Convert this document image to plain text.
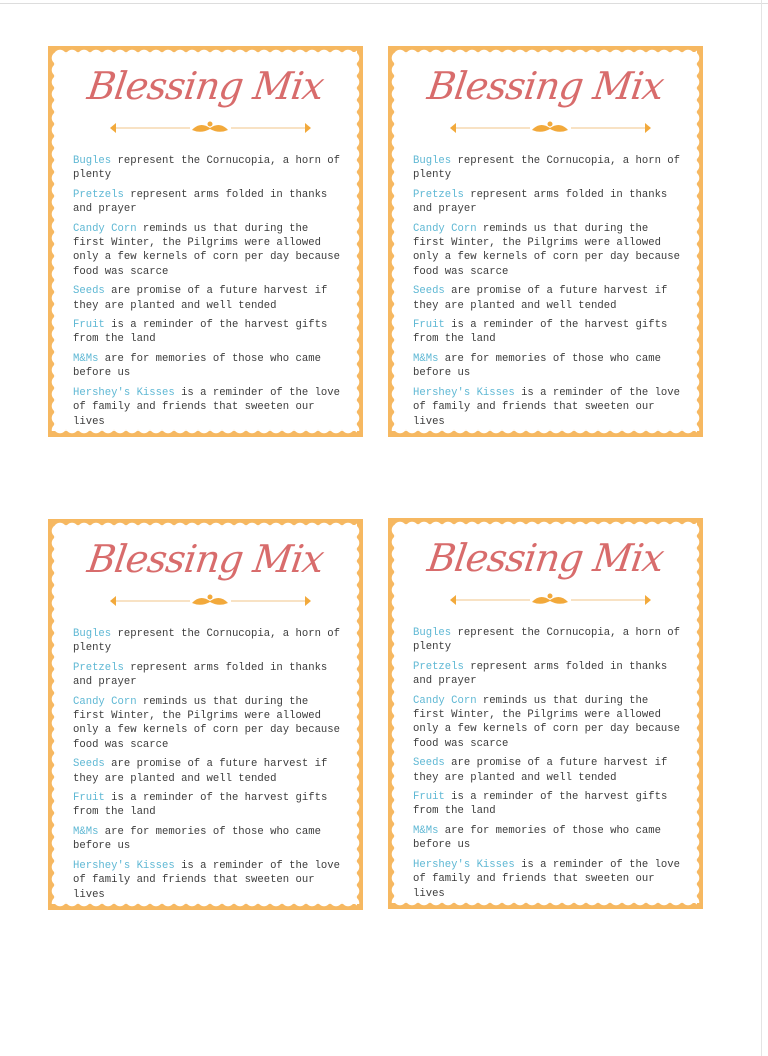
Blessing Mix
Bugles represent the Cornucopia, a horn of plenty
Pretzels represent arms folded in thanks and prayer
Candy Corn reminds us that during the first Winter, the Pilgrims were allowed only a few kernels of corn per day because food was scarce
Seeds are promise of a future harvest if they are planted and well tended
Fruit is a reminder of the harvest gifts from the land
M&Ms are for memories of those who came before us
Hershey's Kisses is a reminder of the love of family and friends that sweeten our lives
Blessing Mix
Bugles represent the Cornucopia, a horn of plenty
Pretzels represent arms folded in thanks and prayer
Candy Corn reminds us that during the first Winter, the Pilgrims were allowed only a few kernels of corn per day because food was scarce
Seeds are promise of a future harvest if they are planted and well tended
Fruit is a reminder of the harvest gifts from the land
M&Ms are for memories of those who came before us
Hershey's Kisses is a reminder of the love of family and friends that sweeten our lives
Blessing Mix
Bugles represent the Cornucopia, a horn of plenty
Pretzels represent arms folded in thanks and prayer
Candy Corn reminds us that during the first Winter, the Pilgrims were allowed only a few kernels of corn per day because food was scarce
Seeds are promise of a future harvest if they are planted and well tended
Fruit is a reminder of the harvest gifts from the land
M&Ms are for memories of those who came before us
Hershey's Kisses is a reminder of the love of family and friends that sweeten our lives
Blessing Mix
Bugles represent the Cornucopia, a horn of plenty
Pretzels represent arms folded in thanks and prayer
Candy Corn reminds us that during the first Winter, the Pilgrims were allowed only a few kernels of corn per day because food was scarce
Seeds are promise of a future harvest if they are planted and well tended
Fruit is a reminder of the harvest gifts from the land
M&Ms are for memories of those who came before us
Hershey's Kisses is a reminder of the love of family and friends that sweeten our lives
